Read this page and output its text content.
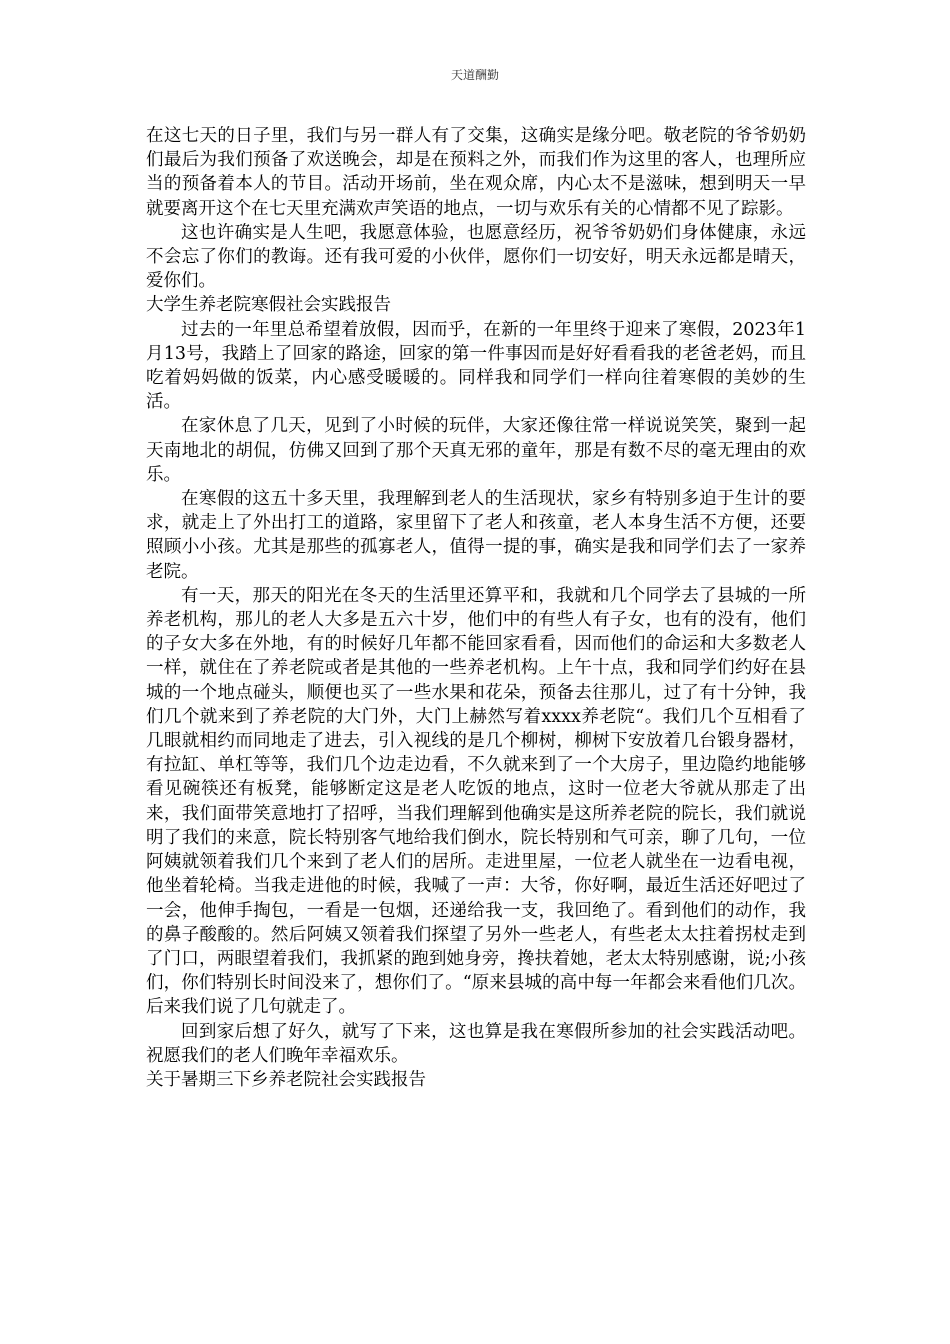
天道酬勤

在这七天的日子里，我们与另一群人有了交集，这确实是缘分吧。敬老院的爷爷奶奶们最后为我们预备了欢送晚会，却是在预料之外，而我们作为这里的客人，也理所应当的预备着本人的节目。活动开场前，坐在观众席，内心太不是滋味，想到明天一早就要离开这个在七天里充满欢声笑语的地点，一切与欢乐有关的心情都不见了踪影。

这也许确实是人生吧，我愿意体验，也愿意经历，祝爷爷奶奶们身体健康，永远不会忘了你们的教诲。还有我可爱的小伙伴，愿你们一切安好，明天永远都是晴天，爱你们。

大学生养老院寒假社会实践报告

过去的一年里总希望着放假，因而乎，在新的一年里终于迎来了寒假，2023年1月13号，我踏上了回家的路途，回家的第一件事因而是好好看看我的老爸老妈，而且吃着妈妈做的饭菜，内心感受暖暖的。同样我和同学们一样向往着寒假的美妙的生活。

在家休息了几天，见到了小时候的玩伴，大家还像往常一样说说笑笑，聚到一起天南地北的胡侃，仿佛又回到了那个天真无邪的童年，那是有数不尽的毫无理由的欢乐。

在寒假的这五十多天里，我理解到老人的生活现状，家乡有特别多迫于生计的要求，就走上了外出打工的道路，家里留下了老人和孩童，老人本身生活不方便，还要照顾小小孩。尤其是那些的孤寡老人，值得一提的事，确实是我和同学们去了一家养老院。

有一天，那天的阳光在冬天的生活里还算平和，我就和几个同学去了县城的一所养老机构，那儿的老人大多是五六十岁，他们中的有些人有子女，也有的没有，他们的子女大多在外地，有的时候好几年都不能回家看看，因而他们的命运和大多数老人一样，就住在了养老院或者是其他的一些养老机构。上午十点，我和同学们约好在县城的一个地点碰头，顺便也买了一些水果和花朵，预备去往那儿，过了有十分钟，我们几个就来到了养老院的大门外，大门上赫然写着xxxx养老院“。我们几个互相看了几眼就相约而同地走了进去，引入视线的是几个柳树，柳树下安放着几台锻身器材，有拉缸、单杠等等，我们几个边走边看，不久就来到了一个大房子，里边隐约地能够看见碗筷还有板凳，能够断定这是老人吃饭的地点，这时一位老大爷就从那走了出来，我们面带笑意地打了招呼，当我们理解到他确实是这所养老院的院长，我们就说明了我们的来意，院长特别客气地给我们倒水，院长特别和气可亲，聊了几句，一位阿姨就领着我们几个来到了老人们的居所。走进里屋，一位老人就坐在一边看电视，他坐着轮椅。当我走进他的时候，我喊了一声：大爷，你好啊，最近生活还好吧过了一会，他伸手掏包，一看是一包烟，还递给我一支，我回绝了。看到他们的动作，我的鼻子酸酸的。然后阿姨又领着我们探望了另外一些老人，有些老太太拄着拐杖走到了门口，两眼望着我们，我抓紧的跑到她身旁，搀扶着她，老太太特别感谢，说;小孩们，你们特别长时间没来了，想你们了。“原来县城的高中每一年都会来看他们几次。后来我们说了几句就走了。

回到家后想了好久，就写了下来，这也算是我在寒假所参加的社会实践活动吧。祝愿我们的老人们晚年幸福欢乐。

关于暑期三下乡养老院社会实践报告
